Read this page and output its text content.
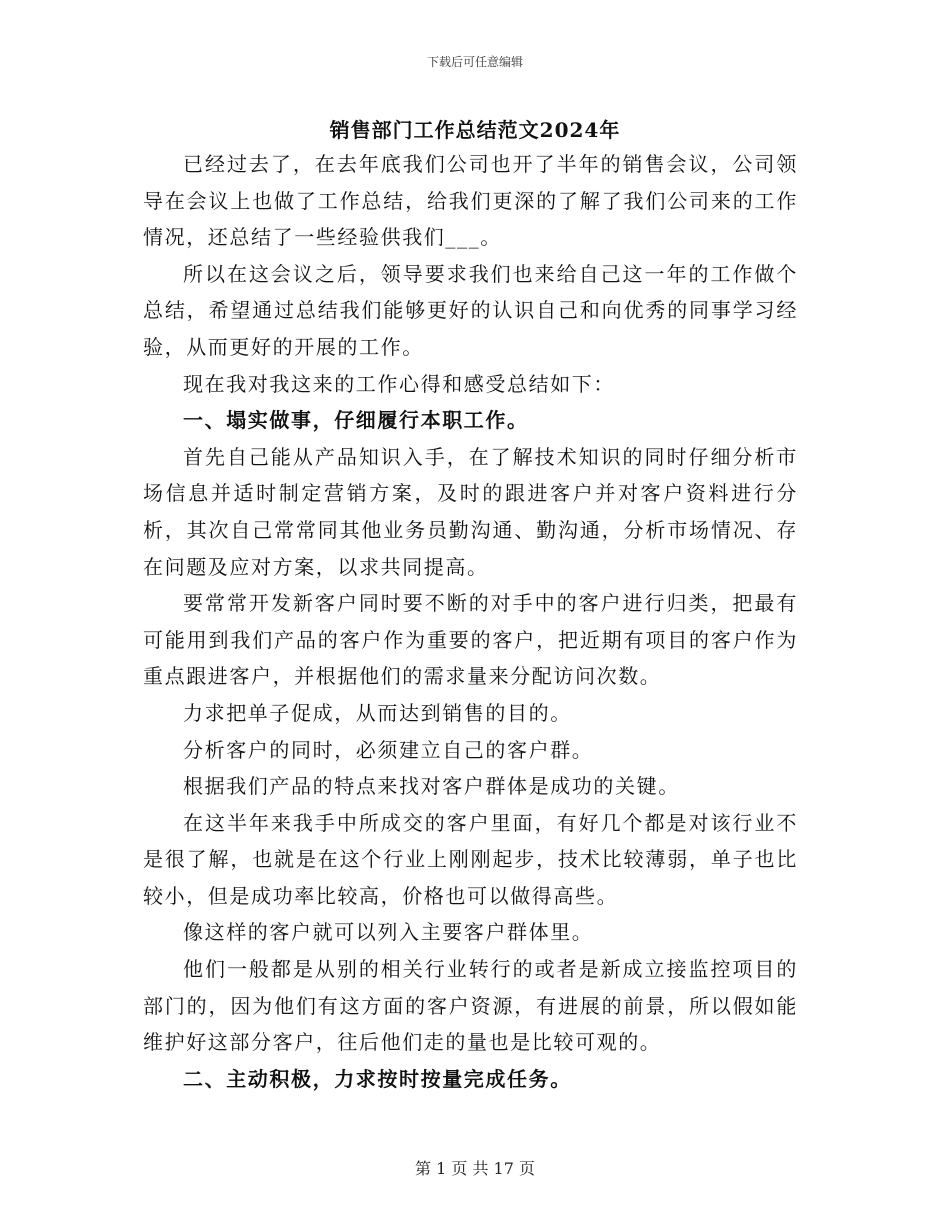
下载后可任意编辑
销售部门工作总结范文2024年

已经过去了，在去年底我们公司也开了半年的销售会议，公司领导在会议上也做了工作总结，给我们更深的了解了我们公司来的工作情况，还总结了一些经验供我们___。

所以在这会议之后，领导要求我们也来给自己这一年的工作做个总结，希望通过总结我们能够更好的认识自己和向优秀的同事学习经验，从而更好的开展的工作。

现在我对我这来的工作心得和感受总结如下：

一、塌实做事，仔细履行本职工作。

首先自己能从产品知识入手，在了解技术知识的同时仔细分析市场信息并适时制定营销方案，及时的跟进客户并对客户资料进行分析，其次自己常常同其他业务员勤沟通、勤沟通，分析市场情况、存在问题及应对方案，以求共同提高。

要常常开发新客户同时要不断的对手中的客户进行归类，把最有可能用到我们产品的客户作为重要的客户，把近期有项目的客户作为重点跟进客户，并根据他们的需求量来分配访问次数。

力求把单子促成，从而达到销售的目的。

分析客户的同时，必须建立自己的客户群。

根据我们产品的特点来找对客户群体是成功的关键。

在这半年来我手中所成交的客户里面，有好几个都是对该行业不是很了解，也就是在这个行业上刚刚起步，技术比较薄弱，单子也比较小，但是成功率比较高，价格也可以做得高些。

像这样的客户就可以列入主要客户群体里。

他们一般都是从别的相关行业转行的或者是新成立接监控项目的部门的，因为他们有这方面的客户资源，有进展的前景，所以假如能维护好这部分客户，往后他们走的量也是比较可观的。

二、主动积极，力求按时按量完成任务。

第 1 页 共 17 页
